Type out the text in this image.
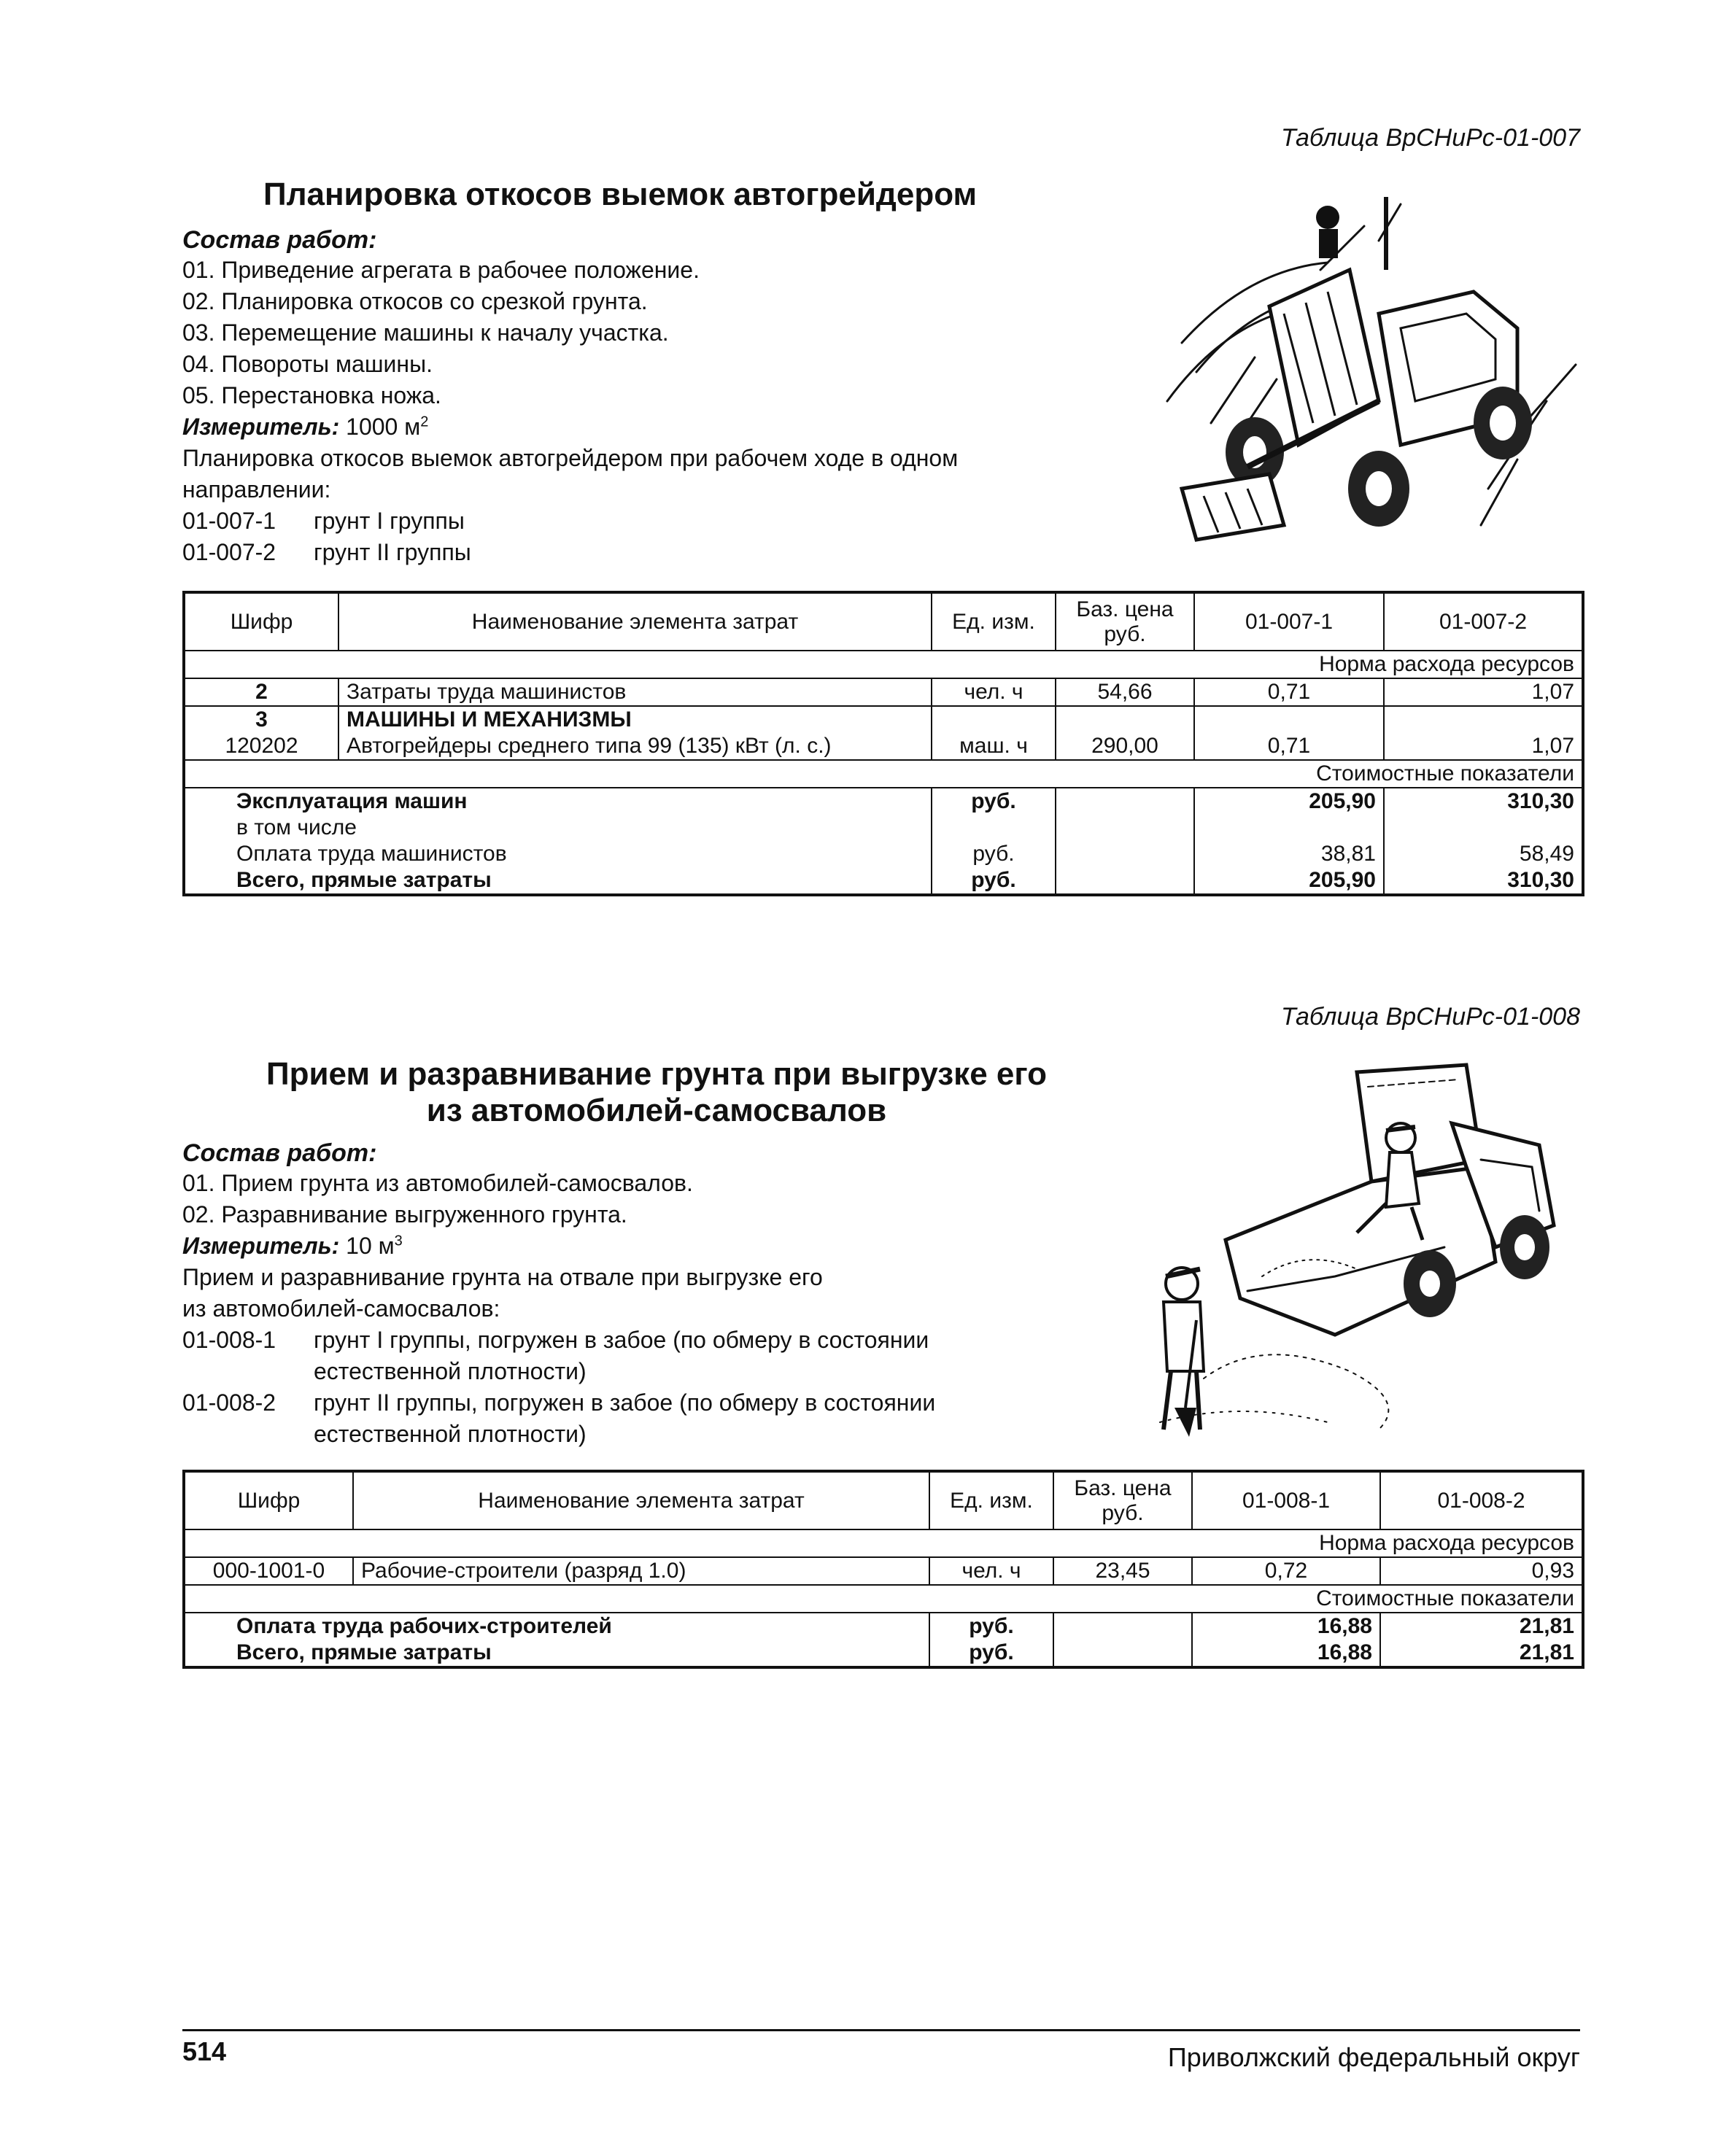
Таблица ВрСНиРс-01-007
Планировка откосов выемок автогрейдером
Состав работ:
01. Приведение агрегата в рабочее положение.
02. Планировка откосов со срезкой грунта.
03. Перемещение машины к началу участка.
04. Повороты машины.
05. Перестановка ножа.
Измеритель: 1000 $м^2$
Планировка откосов выемок автогрейдером при рабочем ходе в одном
направлении:
01-007-1 грунт I группы
01-007-2 грунт II группы
Шифр	Наименование элемента затрат	Ед. изм.	Баз. цена руб.	01-007-1	01-007-2
Норма расхода ресурсов					
2	Затраты труда машинистов	чел. ч	54,66	0,71	1,07
3	МАШИНЫ И МЕХАНИЗМЫ				
120202	Автогрейдеры среднего типа 99 (135) кВт (л. с.)	маш. ч	290,00	0,71	1,07
Стоимостные показатели					
Эксплуатация машин		руб.		205,90	310,30
в том числе					
Оплата труда машинистов		руб.		38,81	58,49
Всего, прямые затраты		руб.		205,90	310,30
Таблица ВрСНиРс-01-008
Прием и разравнивание грунта при выгрузке его
из автомобилей-самосвалов
Состав работ:
01. Прием грунта из автомобилей-самосвалов.
02. Разравнивание выгруженного грунта.
Измеритель: 10 $м^3$
Прием и разравнивание грунта на отвале при выгрузке его
из автомобилей-самосвалов:
01-008-1 грунт I группы, погружен в забое (по обмеру в состоянии
естественной плотности)
01-008-2 грунт II группы, погружен в забое (по обмеру в состоянии
естественной плотности)
Шифр	Наименование элемента затрат	Ед. изм.	Баз. цена руб.	01-008-1	01-008-2
Норма расхода ресурсов					
000-1001-0	Рабочие-строители (разряд 1.0)	чел. ч	23,45	0,72	0,93
Стоимостные показатели					
Оплата труда рабочих-строителей		руб.		16,88	21,81
Всего, прямые затраты		руб.		16,88	21,81
514	Приволжский федеральный округ
